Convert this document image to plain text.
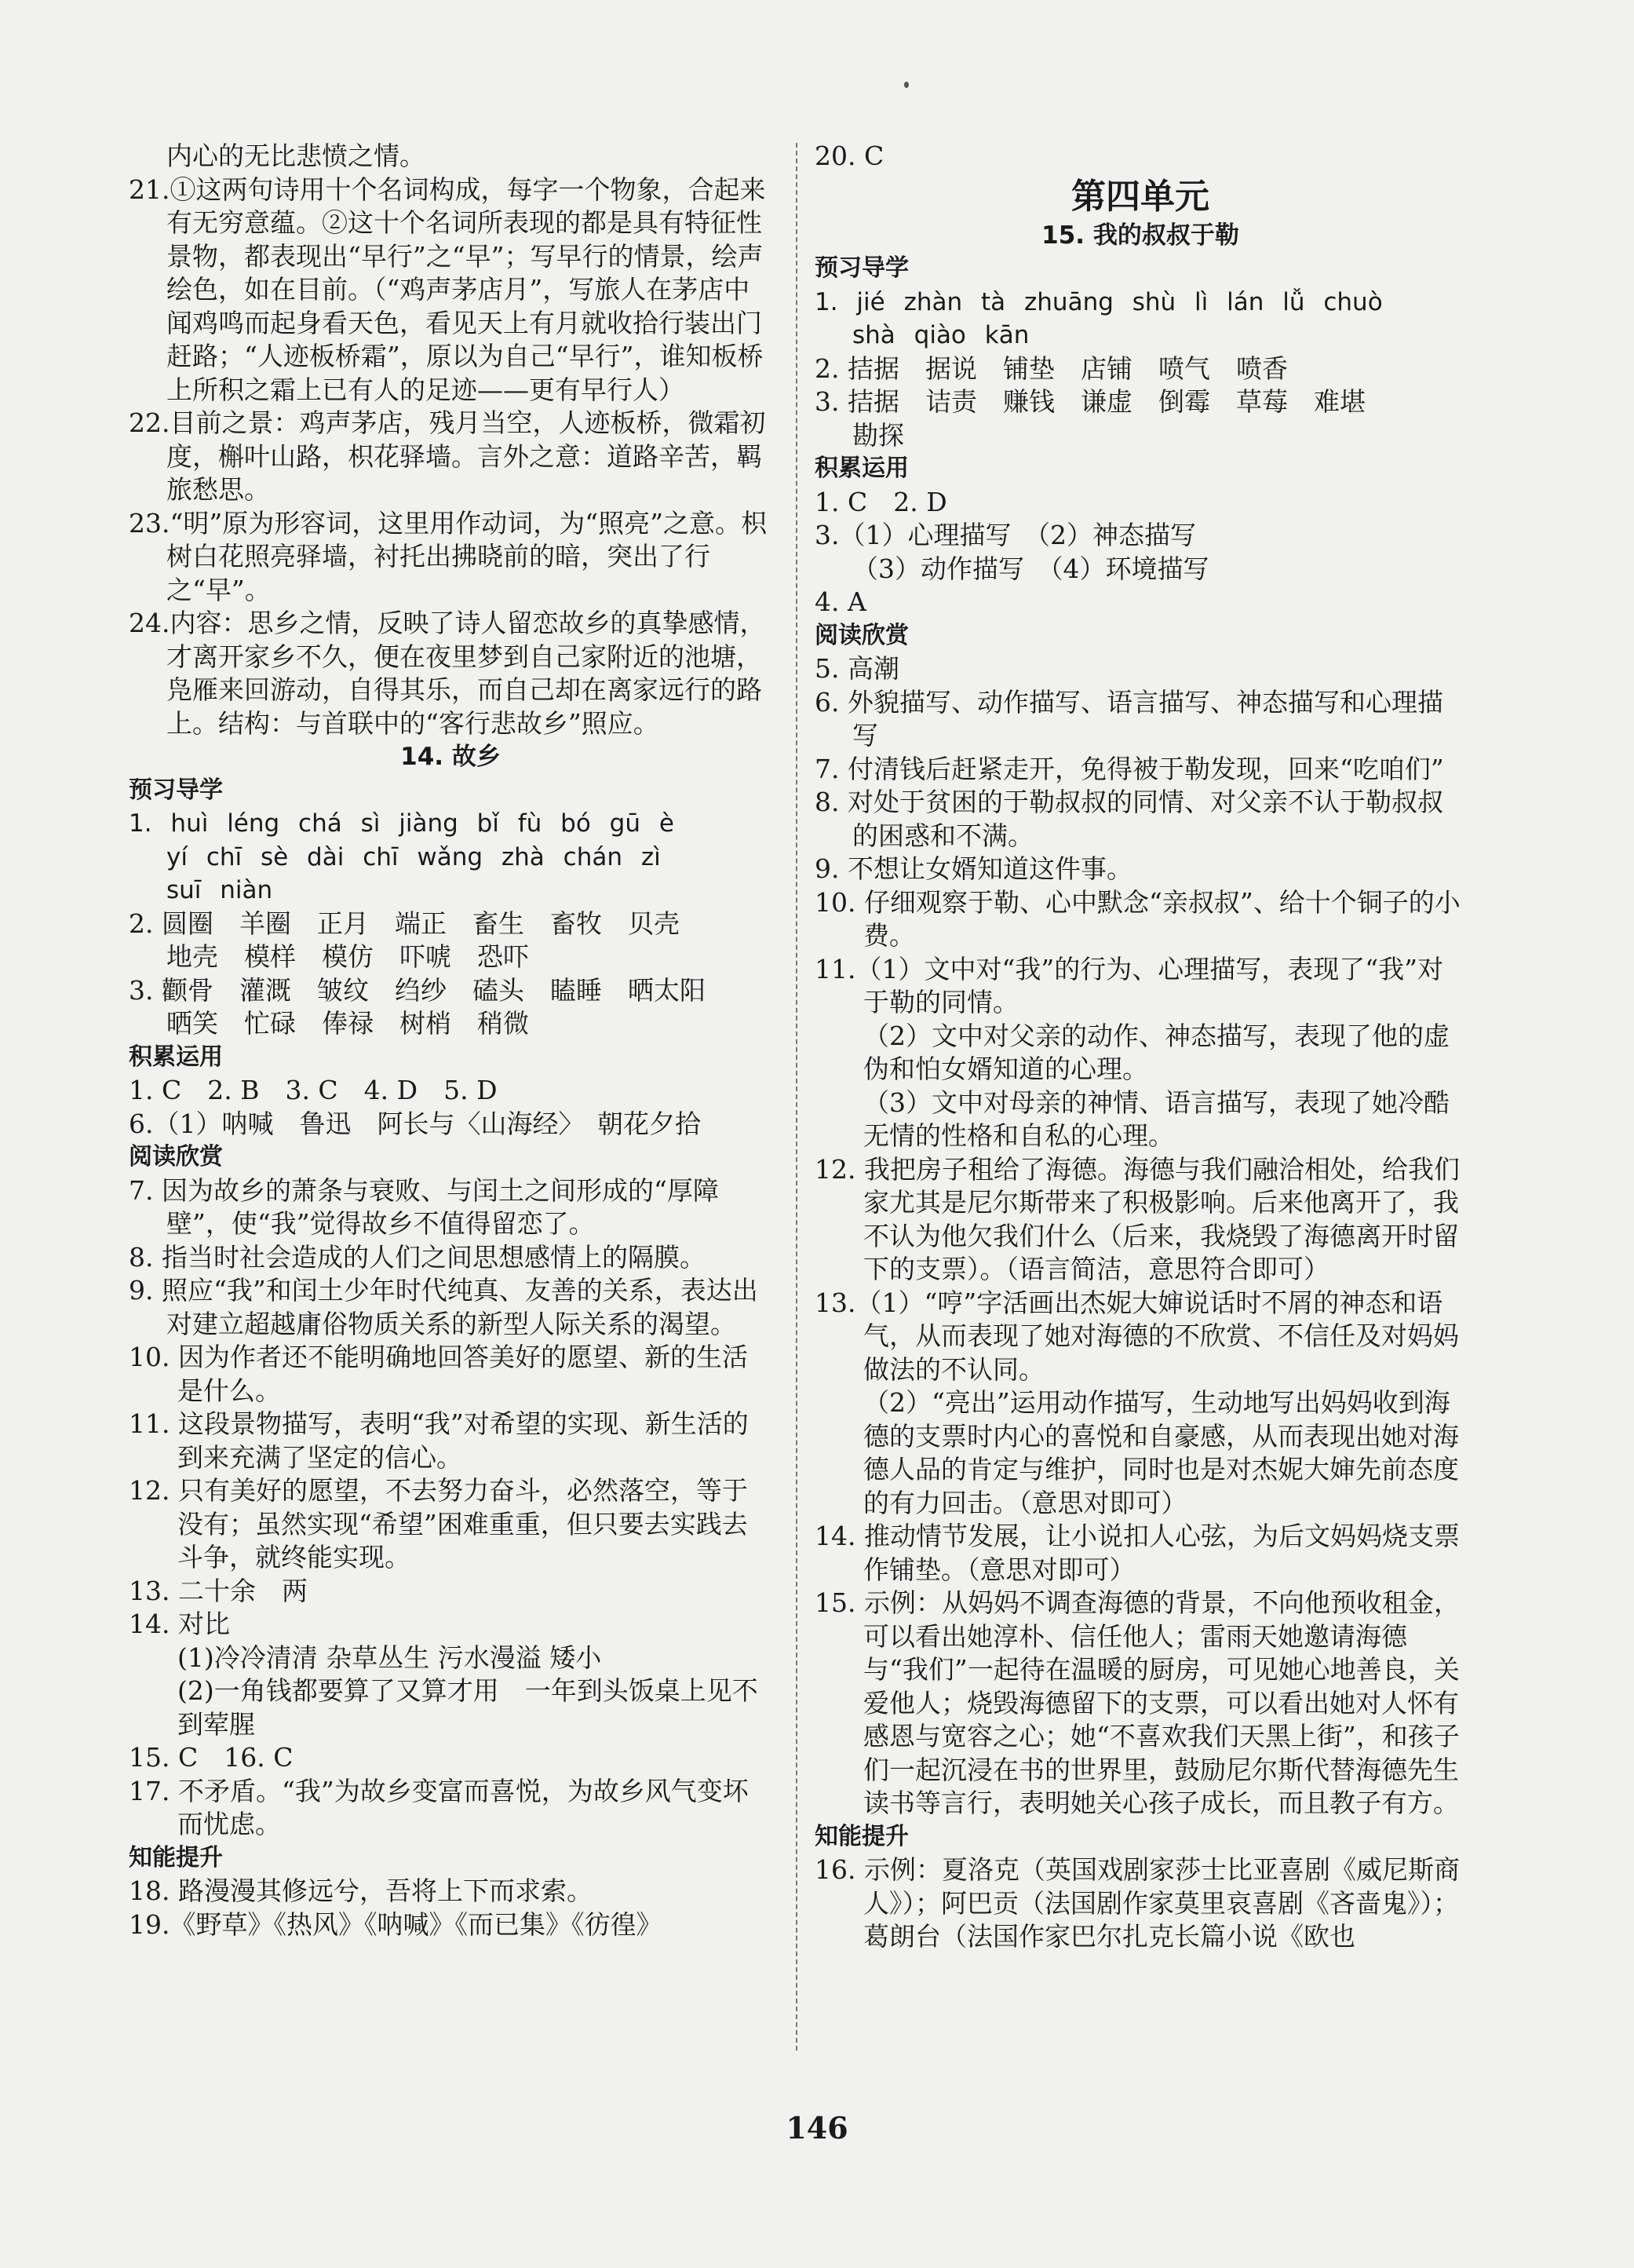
内心的无比悲愤之情。

21.①这两句诗用十个名词构成，每字一个物象，合起来有无穷意蕴。②这十个名词所表现的都是具有特征性景物，都表现出“早行”之“早”；写早行的情景，绘声绘色，如在目前。（“鸡声茅店月”，写旅人在茅店中闻鸡鸣而起身看天色，看见天上有月就收拾行装出门赶路；“人迹板桥霜”，原以为自己“早行”，谁知板桥上所积之霜上已有人的足迹——更有早行人）

22.目前之景：鸡声茅店，残月当空，人迹板桥，微霜初度，槲叶山路，枳花驿墙。言外之意：道路辛苦，羁旅愁思。

23.“明”原为形容词，这里用作动词，为“照亮”之意。枳树白花照亮驿墙，衬托出拂晓前的暗，突出了行之“早”。

24.内容：思乡之情，反映了诗人留恋故乡的真挚感情，才离开家乡不久，便在夜里梦到自己家附近的池塘，凫雁来回游动，自得其乐，而自己却在离家远行的路上。结构：与首联中的“客行悲故乡”照应。

14. 故乡

预习导学

1. huì léng chá sì jiàng bǐ fù bó gū è

yí chī sè dài chī wǎng zhà chán zì

suī niàn

2. 圆圈　羊圈　正月　端正　畜生　畜牧　贝壳

地壳　模样　模仿　吓唬　恐吓

3. 颧骨　灌溉　皱纹　绉纱　磕头　瞌睡　晒太阳

晒笑　忙碌　俸禄　树梢　稍微

积累运用

1. C　2. B　3. C　4. D　5. D

6.（1）呐喊　鲁迅　阿长与〈山海经〉　朝花夕拾

阅读欣赏

7. 因为故乡的萧条与衰败、与闰土之间形成的“厚障壁”，使“我”觉得故乡不值得留恋了。

8. 指当时社会造成的人们之间思想感情上的隔膜。

9. 照应“我”和闰土少年时代纯真、友善的关系，表达出对建立超越庸俗物质关系的新型人际关系的渴望。

10. 因为作者还不能明确地回答美好的愿望、新的生活是什么。

11. 这段景物描写，表明“我”对希望的实现、新生活的到来充满了坚定的信心。

12. 只有美好的愿望，不去努力奋斗，必然落空，等于没有；虽然实现“希望”困难重重，但只要去实践去斗争，就终能实现。

13. 二十余　两

14. 对比

(1)冷冷清清 杂草丛生 污水漫溢 矮小

(2)一角钱都要算了又算才用　一年到头饭桌上见不到荤腥

15. C　16. C

17. 不矛盾。“我”为故乡变富而喜悦，为故乡风气变坏而忧虑。

知能提升

18. 路漫漫其修远兮，吾将上下而求索。

19.《野草》《热风》《呐喊》《而已集》《彷徨》

20. C

第四单元

15. 我的叔叔于勒

预习导学

1. jié zhàn tà zhuāng shù lì lán lǚ chuò

shà qiào kān

2. 拮据　据说　铺垫　店铺　喷气　喷香

3. 拮据　诘责　赚钱　谦虚　倒霉　草莓　难堪

勘探

积累运用

1. C　2. D

3.（1）心理描写　（2）神态描写

（3）动作描写　（4）环境描写

4. A

阅读欣赏

5. 高潮

6. 外貌描写、动作描写、语言描写、神态描写和心理描写

7. 付清钱后赶紧走开，免得被于勒发现，回来“吃咱们”

8. 对处于贫困的于勒叔叔的同情、对父亲不认于勒叔叔的困惑和不满。

9. 不想让女婿知道这件事。

10. 仔细观察于勒、心中默念“亲叔叔”、给十个铜子的小费。

11.（1）文中对“我”的行为、心理描写，表现了“我”对于勒的同情。

（2）文中对父亲的动作、神态描写，表现了他的虚伪和怕女婿知道的心理。

（3）文中对母亲的神情、语言描写，表现了她冷酷无情的性格和自私的心理。

12. 我把房子租给了海德。海德与我们融洽相处，给我们家尤其是尼尔斯带来了积极影响。后来他离开了，我不认为他欠我们什么（后来，我烧毁了海德离开时留下的支票）。（语言简洁，意思符合即可）

13.（1）“哼”字活画出杰妮大婶说话时不屑的神态和语气，从而表现了她对海德的不欣赏、不信任及对妈妈做法的不认同。

（2）“亮出”运用动作描写，生动地写出妈妈收到海德的支票时内心的喜悦和自豪感，从而表现出她对海德人品的肯定与维护，同时也是对杰妮大婶先前态度的有力回击。（意思对即可）

14. 推动情节发展，让小说扣人心弦，为后文妈妈烧支票作铺垫。（意思对即可）

15. 示例：从妈妈不调查海德的背景，不向他预收租金，可以看出她淳朴、信任他人；雷雨天她邀请海德与“我们”一起待在温暖的厨房，可见她心地善良，关爱他人；烧毁海德留下的支票，可以看出她对人怀有感恩与宽容之心；她“不喜欢我们天黑上街”，和孩子们一起沉浸在书的世界里，鼓励尼尔斯代替海德先生读书等言行，表明她关心孩子成长，而且教子有方。

知能提升

16. 示例：夏洛克（英国戏剧家莎士比亚喜剧《威尼斯商人》）；阿巴贡（法国剧作家莫里哀喜剧《吝啬鬼》）；葛朗台（法国作家巴尔扎克长篇小说《欧也

146
